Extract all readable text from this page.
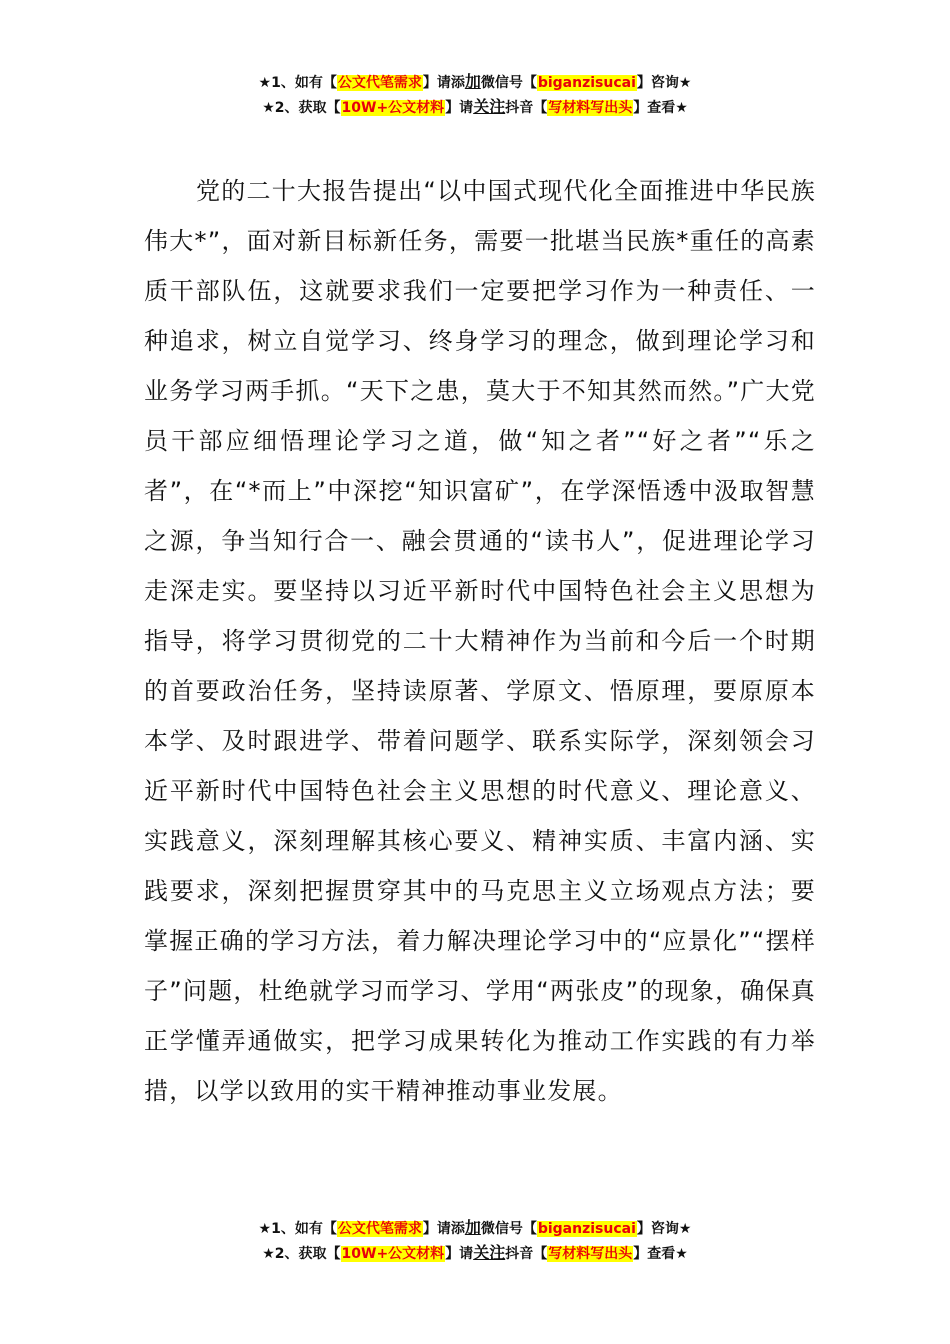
★1、如有【公文代笔需求】请添加微信号【biganzisucai】咨询★
★2、获取【10W+公文材料】请关注抖音【写材料写出头】查看★

党的二十大报告提出“以中国式现代化全面推进中华民族伟大*”，面对新目标新任务，需要一批堪当民族*重任的高素质干部队伍，这就要求我们一定要把学习作为一种责任、一种追求，树立自觉学习、终身学习的理念，做到理论学习和业务学习两手抓。“天下之患，莫大于不知其然而然。”广大党员干部应细悟理论学习之道，做“知之者”“好之者”“乐之者”，在“*而上”中深挖“知识富矿”，在学深悟透中汲取智慧之源，争当知行合一、融会贯通的“读书人”，促进理论学习走深走实。要坚持以习近平新时代中国特色社会主义思想为指导，将学习贯彻党的二十大精神作为当前和今后一个时期的首要政治任务，坚持读原著、学原文、悟原理，要原原本本学、及时跟进学、带着问题学、联系实际学，深刻领会习近平新时代中国特色社会主义思想的时代意义、理论意义、实践意义，深刻理解其核心要义、精神实质、丰富内涵、实践要求，深刻把握贯穿其中的马克思主义立场观点方法；要掌握正确的学习方法，着力解决理论学习中的“应景化”“摆样子”问题，杜绝就学习而学习、学用“两张皮”的现象，确保真正学懂弄通做实，把学习成果转化为推动工作实践的有力举措，以学以致用的实干精神推动事业发展。

★1、如有【公文代笔需求】请添加微信号【biganzisucai】咨询★
★2、获取【10W+公文材料】请关注抖音【写材料写出头】查看★
